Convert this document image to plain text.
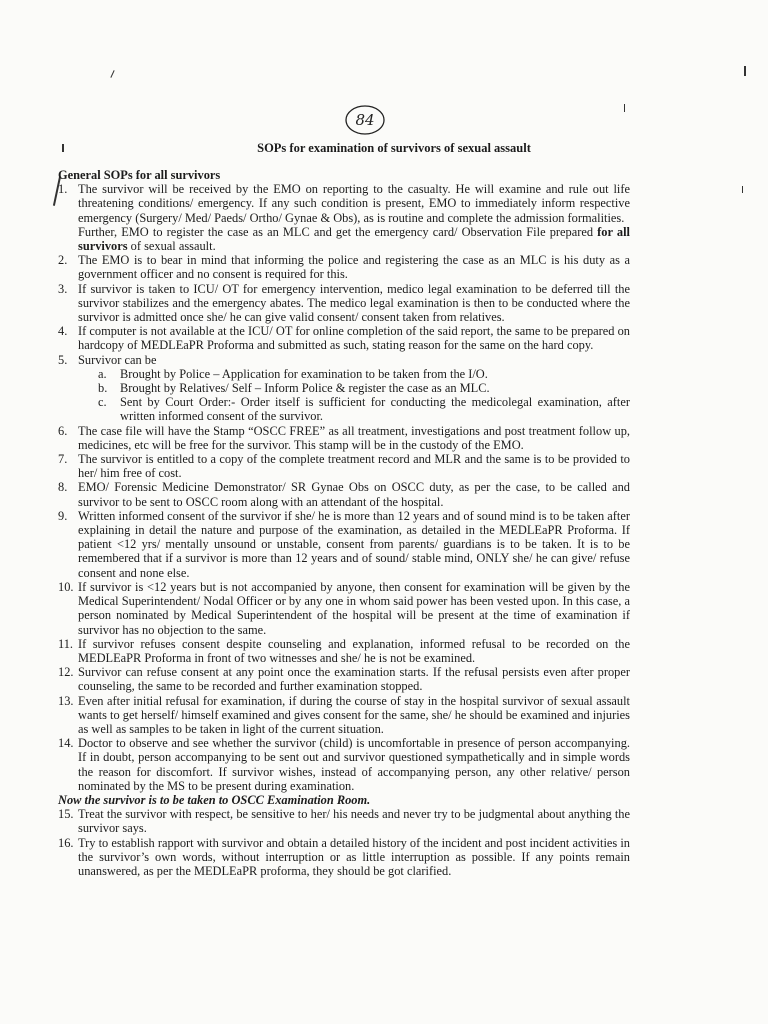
84
SOPs for examination of survivors of sexual assault

General SOPs for all survivors

1. The survivor will be received by the EMO on reporting to the casualty. He will examine and rule out life threatening conditions/ emergency. If any such condition is present, EMO to immediately inform respective emergency (Surgery/ Med/ Paeds/ Ortho/ Gynae & Obs), as is routine and complete the admission formalities.
Further, EMO to register the case as an MLC and get the emergency card/ Observation File prepared for all survivors of sexual assault.
2. The EMO is to bear in mind that informing the police and registering the case as an MLC is his duty as a government officer and no consent is required for this.
3. If survivor is taken to ICU/ OT for emergency intervention, medico legal examination to be deferred till the survivor stabilizes and the emergency abates. The medico legal examination is then to be conducted where the survivor is admitted once she/ he can give valid consent/ consent taken from relatives.
4. If computer is not available at the ICU/ OT for online completion of the said report, the same to be prepared on hardcopy of MEDLEaPR Proforma and submitted as such, stating reason for the same on the hard copy.
5. Survivor can be
a.	Brought by Police – Application for examination to be taken from the I/O.
b.	Brought by Relatives/ Self – Inform Police & register the case as an MLC.
c.	Sent by Court Order:- Order itself is sufficient for conducting the medicolegal examination, after written informed consent of the survivor.
6. The case file will have the Stamp “OSCC FREE” as all treatment, investigations and post treatment follow up, medicines, etc will be free for the survivor. This stamp will be in the custody of the EMO.
7. The survivor is entitled to a copy of the complete treatment record and MLR and the same is to be provided to her/ him free of cost.
8. EMO/ Forensic Medicine Demonstrator/ SR Gynae Obs on OSCC duty, as per the case, to be called and survivor to be sent to OSCC room along with an attendant of the hospital.
9. Written informed consent of the survivor if she/ he is more than 12 years and of sound mind is to be taken after explaining in detail the nature and purpose of the examination, as detailed in the MEDLEaPR Proforma. If patient <12 yrs/ mentally unsound or unstable, consent from parents/ guardians is to be taken. It is to be remembered that if a survivor is more than 12 years and of sound/ stable mind, ONLY she/ he can give/ refuse consent and none else.
10. If survivor is <12 years but is not accompanied by anyone, then consent for examination will be given by the Medical Superintendent/ Nodal Officer or by any one in whom said power has been vested upon. In this case, a person nominated by Medical Superintendent of the hospital will be present at the time of examination if survivor has no objection to the same.
11. If survivor refuses consent despite counseling and explanation, informed refusal to be recorded on the MEDLEaPR Proforma in front of two witnesses and she/ he is not be examined.
12. Survivor can refuse consent at any point once the examination starts. If the refusal persists even after proper counseling, the same to be recorded and further examination stopped.
13. Even after initial refusal for examination, if during the course of stay in the hospital survivor of sexual assault wants to get herself/ himself examined and gives consent for the same, she/ he should be examined and injuries as well as samples to be taken in light of the current situation.
14. Doctor to observe and see whether the survivor (child) is uncomfortable in presence of person accompanying. If in doubt, person accompanying to be sent out and survivor questioned sympathetically and in simple words the reason for discomfort. If survivor wishes, instead of accompanying person, any other relative/ person nominated by the MS to be present during examination.

Now the survivor is to be taken to OSCC Examination Room.

15. Treat the survivor with respect, be sensitive to her/ his needs and never try to be judgmental about anything the survivor says.
16. Try to establish rapport with survivor and obtain a detailed history of the incident and post incident activities in the survivor’s own words, without interruption or as little interruption as possible. If any points remain unanswered, as per the MEDLEaPR proforma, they should be got clarified.
